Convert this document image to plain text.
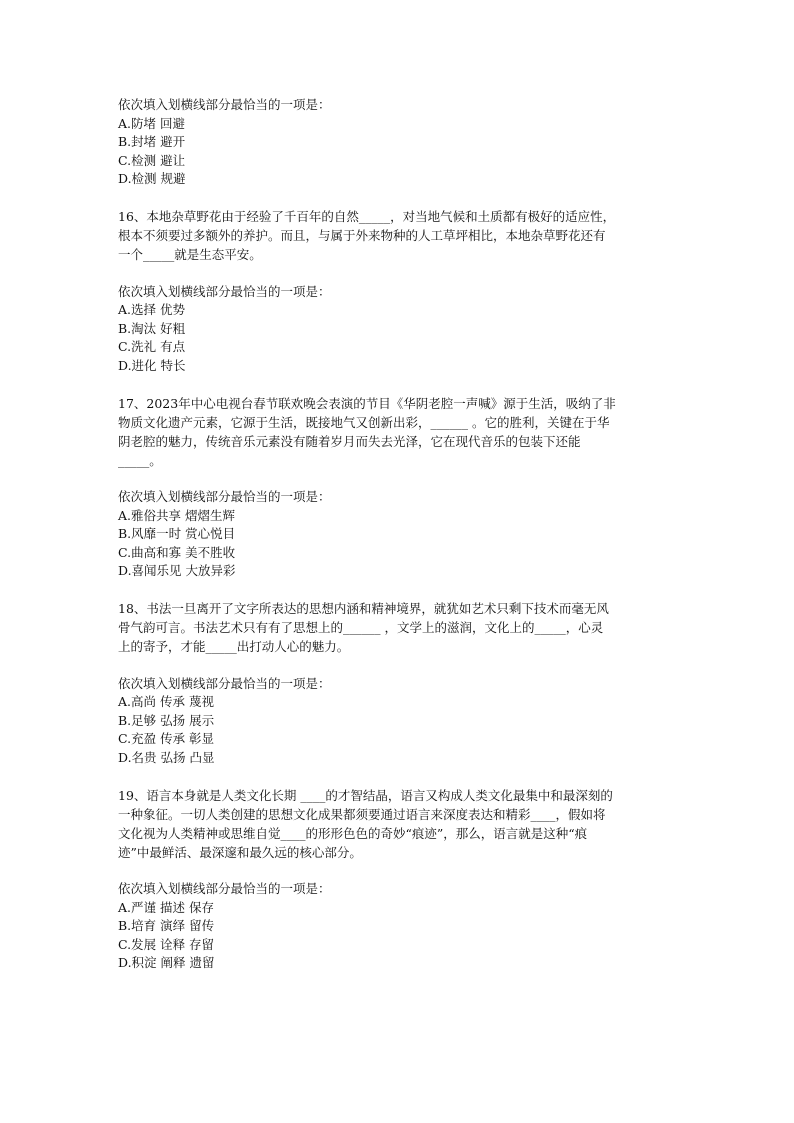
依次填入划横线部分最恰当的一项是：

A.防堵 回避

B.封堵 避开

C.检测 避让

D.检测 规避

16、本地杂草野花由于经验了千百年的自然_____，对当地气候和土质都有极好的适应性，

根本不须要过多额外的养护。而且，与属于外来物种的人工草坪相比，本地杂草野花还有

一个_____就是生态平安。

依次填入划横线部分最恰当的一项是：

A.选择 优势

B.淘汰 好粗

C.洗礼 有点

D.进化 特长

17、2023年中心电视台春节联欢晚会表演的节目《华阴老腔一声喊》源于生活，吸纳了非

物质文化遗产元素，它源于生活，既接地气又创新出彩，______ 。它的胜利，关键在于华

阴老腔的魅力，传统音乐元素没有随着岁月而失去光泽，它在现代音乐的包装下还能

_____。

依次填入划横线部分最恰当的一项是：

A.雅俗共享 熠熠生辉

B.风靡一时 赏心悦目

C.曲高和寡 美不胜收

D.喜闻乐见 大放异彩

18、书法一旦离开了文字所表达的思想内涵和精神境界，就犹如艺术只剩下技术而毫无风

骨气韵可言。书法艺术只有有了思想上的______ ，文学上的滋润，文化上的_____，心灵

上的寄予，才能_____出打动人心的魅力。

依次填入划横线部分最恰当的一项是：

A.高尚 传承 蔑视

B.足够 弘扬 展示

C.充盈 传承 彰显

D.名贵 弘扬 凸显

19、语言本身就是人类文化长期 ____的才智结晶，语言又构成人类文化最集中和最深刻的

一种象征。一切人类创建的思想文化成果都须要通过语言来深度表达和精彩____，假如将

文化视为人类精神或思维自觉____的形形色色的奇妙“痕迹”，那么，语言就是这种“痕

迹”中最鲜活、最深邃和最久远的核心部分。

依次填入划横线部分最恰当的一项是：

A.严谨 描述 保存

B.培育 演绎 留传

C.发展 诠释 存留

D.积淀 阐释 遗留
